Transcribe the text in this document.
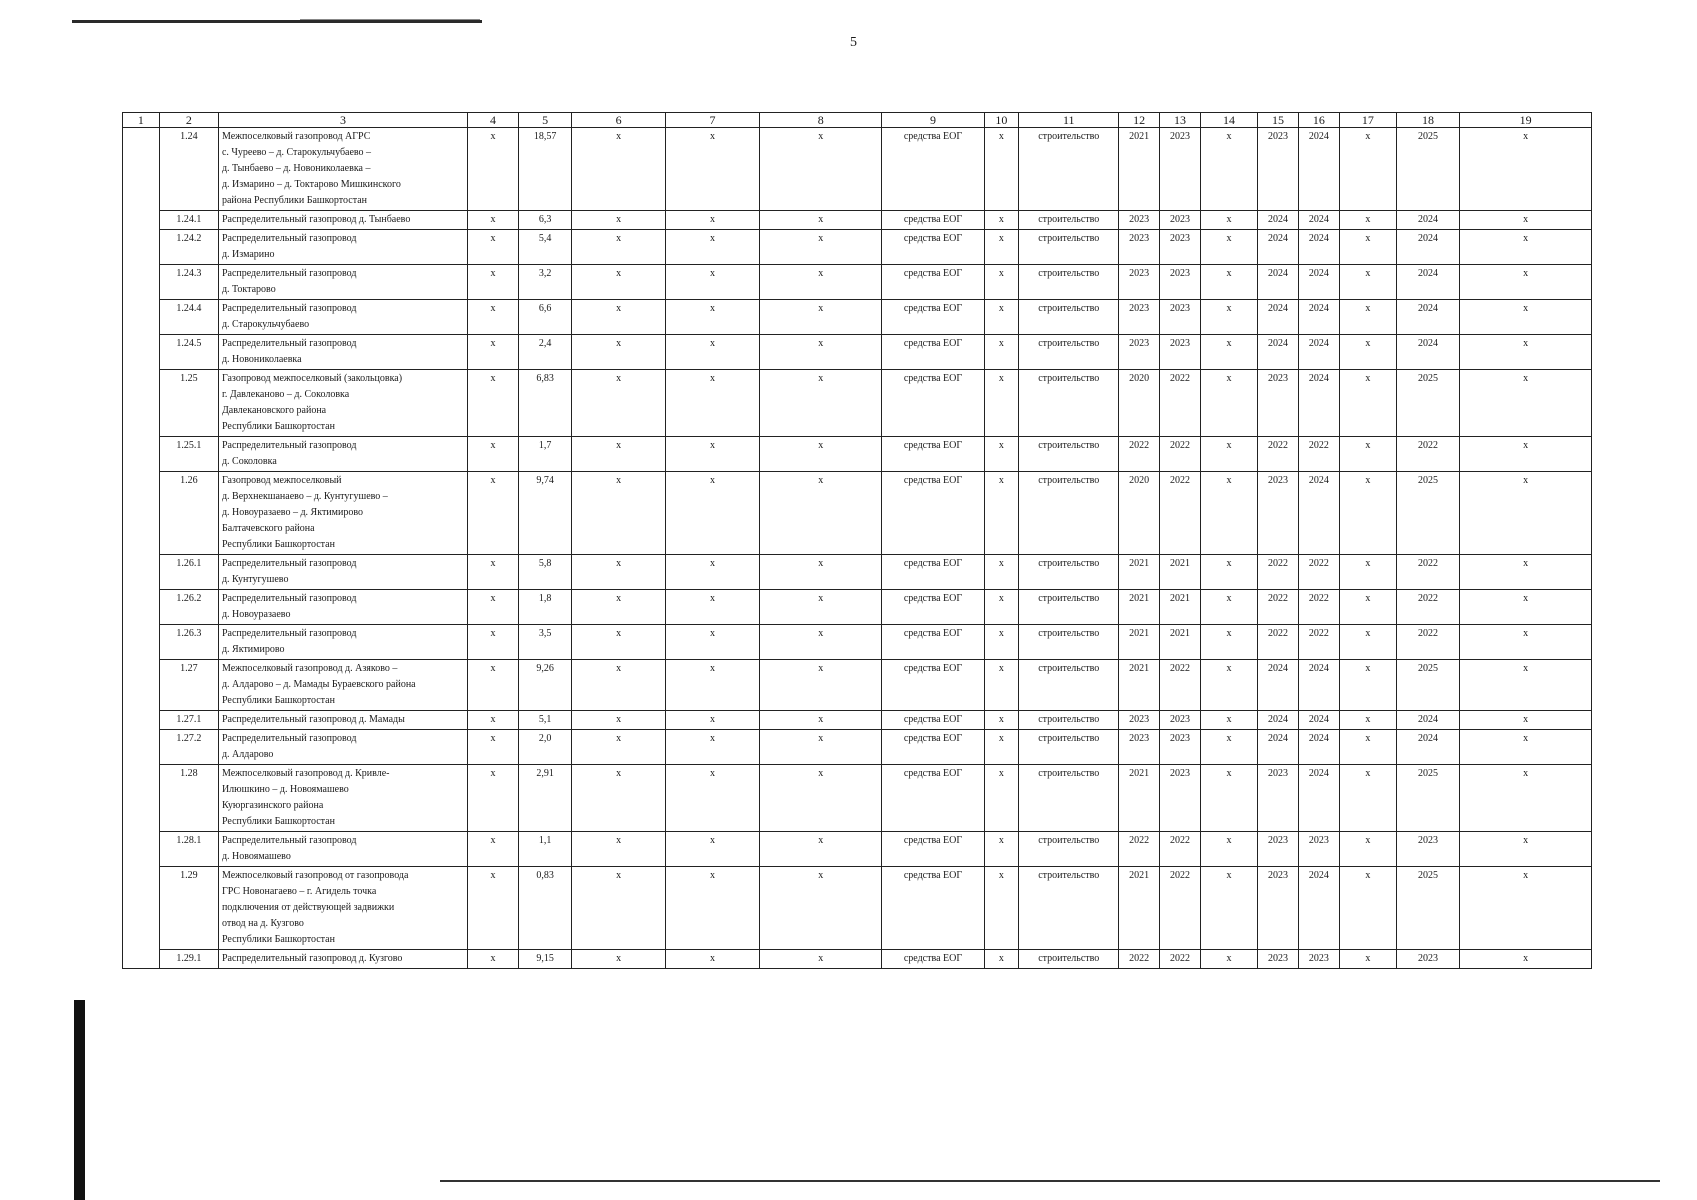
5
1	2	3	4	5	6	7	8	9	10	11	12	13	14	15	16	17	18	19
	1.24	Межпоселковый газопровод АГРС
с. Чуреево – д. Старокульчубаево –
д. Тынбаево – д. Новониколаевка –
д. Измарино – д. Токтарово Мишкинского
района Республики Башкортостан	x	18,57	x	x	x	средства ЕОГ	x	строительство	2021	2023	x	2023	2024	x	2025	x
	1.24.1	Распределительный газопровод д. Тынбаево	x	6,3	x	x	x	средства ЕОГ	x	строительство	2023	2023	x	2024	2024	x	2024	x
	1.24.2	Распределительный газопровод
д. Измарино	x	5,4	x	x	x	средства ЕОГ	x	строительство	2023	2023	x	2024	2024	x	2024	x
	1.24.3	Распределительный газопровод
д. Токтарово	x	3,2	x	x	x	средства ЕОГ	x	строительство	2023	2023	x	2024	2024	x	2024	x
	1.24.4	Распределительный газопровод
д. Старокульчубаево	x	6,6	x	x	x	средства ЕОГ	x	строительство	2023	2023	x	2024	2024	x	2024	x
	1.24.5	Распределительный газопровод
д. Новониколаевка	x	2,4	x	x	x	средства ЕОГ	x	строительство	2023	2023	x	2024	2024	x	2024	x
	1.25	Газопровод межпоселковый (закольцовка)
г. Давлеканово – д. Соколовка
Давлекановского района
Республики Башкортостан	x	6,83	x	x	x	средства ЕОГ	x	строительство	2020	2022	x	2023	2024	x	2025	x
	1.25.1	Распределительный газопровод
д. Соколовка	x	1,7	x	x	x	средства ЕОГ	x	строительство	2022	2022	x	2022	2022	x	2022	x
	1.26	Газопровод межпоселковый
д. Верхнекшанаево – д. Кунтугушево –
д. Новоуразаево – д. Яктимирово
Балтачевского района
Республики Башкортостан	x	9,74	x	x	x	средства ЕОГ	x	строительство	2020	2022	x	2023	2024	x	2025	x
	1.26.1	Распределительный газопровод
д. Кунтугушево	x	5,8	x	x	x	средства ЕОГ	x	строительство	2021	2021	x	2022	2022	x	2022	x
	1.26.2	Распределительный газопровод
д. Новоуразаево	x	1,8	x	x	x	средства ЕОГ	x	строительство	2021	2021	x	2022	2022	x	2022	x
	1.26.3	Распределительный газопровод
д. Яктимирово	x	3,5	x	x	x	средства ЕОГ	x	строительство	2021	2021	x	2022	2022	x	2022	x
	1.27	Межпоселковый газопровод д. Азяково –
д. Алдарово – д. Мамады Бураевского района
Республики Башкортостан	x	9,26	x	x	x	средства ЕОГ	x	строительство	2021	2022	x	2024	2024	x	2025	x
	1.27.1	Распределительный газопровод д. Мамады	x	5,1	x	x	x	средства ЕОГ	x	строительство	2023	2023	x	2024	2024	x	2024	x
	1.27.2	Распределительный газопровод
д. Алдарово	x	2,0	x	x	x	средства ЕОГ	x	строительство	2023	2023	x	2024	2024	x	2024	x
	1.28	Межпоселковый газопровод д. Кривле-
Илюшкино – д. Новоямашево
Куюргазинского района
Республики Башкортостан	x	2,91	x	x	x	средства ЕОГ	x	строительство	2021	2023	x	2023	2024	x	2025	x
	1.28.1	Распределительный газопровод
д. Новоямашево	x	1,1	x	x	x	средства ЕОГ	x	строительство	2022	2022	x	2023	2023	x	2023	x
	1.29	Межпоселковый газопровод от газопровода
ГРС Новонагаево – г. Агидель точка
подключения от действующей задвижки
отвод на д. Кузгово
Республики Башкортостан	x	0,83	x	x	x	средства ЕОГ	x	строительство	2021	2022	x	2023	2024	x	2025	x
	1.29.1	Распределительный газопровод д. Кузгово	x	9,15	x	x	x	средства ЕОГ	x	строительство	2022	2022	x	2023	2023	x	2023	x
